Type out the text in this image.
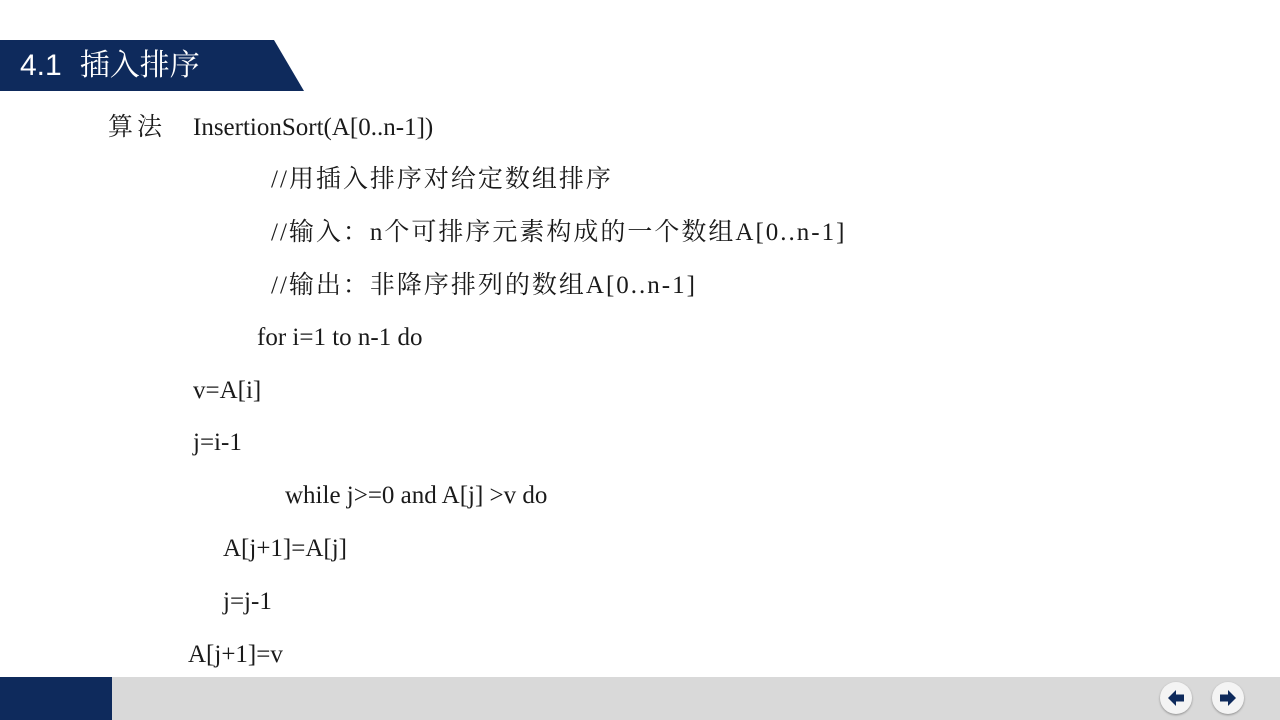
4.1 插入排序
算法 InsertionSort(A[0..n-1])
//用插入排序对给定数组排序
//输入：n个可排序元素构成的一个数组A[0..n-1]
//输出：非降序排列的数组A[0..n-1]
for i=1 to n-1 do
v=A[i]
j=i-1
while j>=0 and A[j] >v do
A[j+1]=A[j]
j=j-1
A[j+1]=v
